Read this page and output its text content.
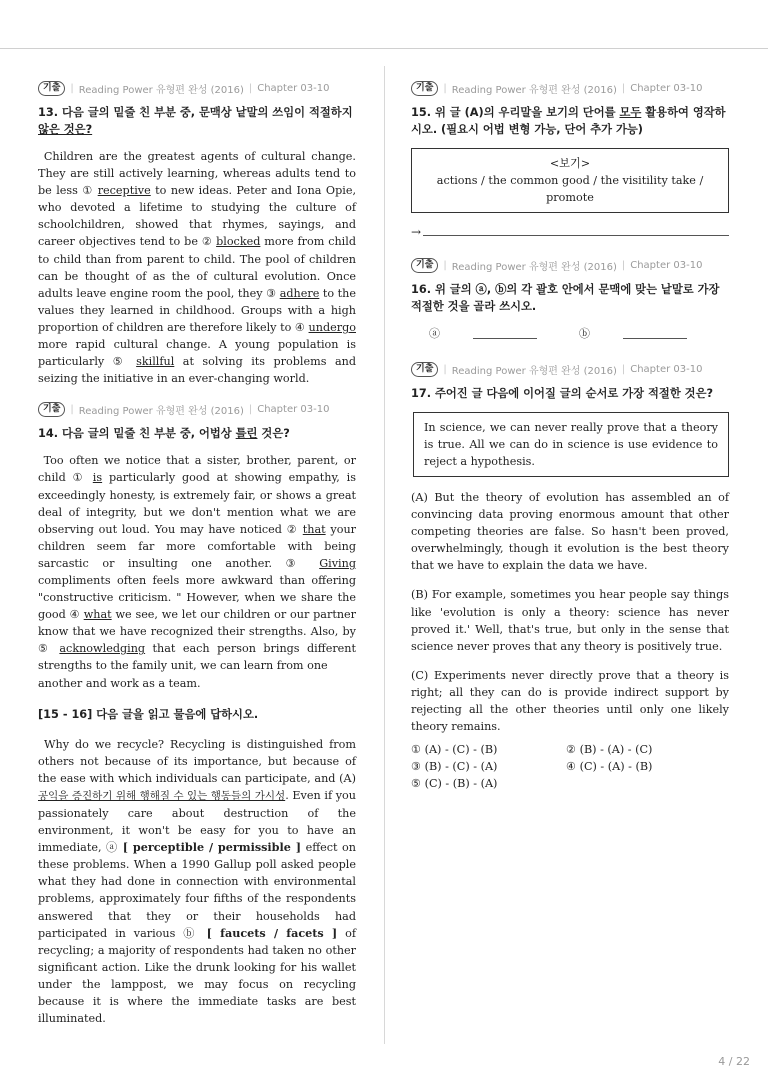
기출	| Reading Power 유형편 완성 (2016) | Chapter 03-10
13. 다음 글의 밑줄 친 부분 중, 문맥상 낱말의 쓰임이 적절하지
않은 것은?

Children are the greatest agents of cultural change. They are still actively learning, whereas adults tend to be less ① receptive to new ideas. Peter and Iona Opie, who devoted a lifetime to studying the culture of schoolchildren, showed that rhymes, sayings, and career objectives tend to be ② blocked more from child to child than from parent to child. The pool of children can be thought of as the of cultural evolution. Once adults leave engine room the pool, they ③ adhere to the values they learned in childhood. Groups with a high proportion of children are therefore likely to ④ undergo more rapid cultural change. A young population is particularly ⑤ skillful at solving its problems and seizing the initiative in an ever-changing world.

기출	| Reading Power 유형편 완성 (2016) | Chapter 03-10
14. 다음 글의 밑줄 친 부분 중, 어법상 틀린 것은?

Too often we notice that a sister, brother, parent, or child ① is particularly good at showing empathy, is exceedingly honesty, is extremely fair, or shows a great deal of integrity, but we don't mention what we are observing out loud. You may have noticed ② that your children seem far more comfortable with being sarcastic or insulting one another. ③ Giving compliments often feels more awkward than offering "constructive criticism. " However, when we share the good ④ what we see, we let our children or our partner know that we have recognized their strengths. Also, by ⑤ acknowledging that each person brings different strengths to the family unit, we can learn from one
another and work as a team.

[15 - 16] 다음 글을 읽고 물음에 답하시오.

Why do we recycle? Recycling is distinguished from others not because of its importance, but because of the ease with which individuals can participate, and (A) 공익을 증진하기 위해 행해질 수 있는 행동들의 가시성. Even if you passionately care about destruction of the environment, it won't be easy for you to have an immediate, ⓐ [ perceptible / permissible ] effect on these problems. When a 1990 Gallup poll asked people what they had done in connection with environmental problems, approximately four fifths of the respondents answered that they or their households had participated in various ⓑ [ faucets / facets ] of recycling; a majority of respondents had taken no other significant action. Like the drunk looking for his wallet under the lamppost, we may focus on recycling because it is where the immediate tasks are best illuminated.

기출	| Reading Power 유형편 완성 (2016) | Chapter 03-10
15. 위 글 (A)의 우리말을 보기의 단어를 모두 활용하여 영작하
시오. (필요시 어법 변형 가능, 단어 추가 가능)
<보기>
actions / the common good / the visitility take / promote
→
기출	| Reading Power 유형편 완성 (2016) | Chapter 03-10
16. 위 글의 ⓐ, ⓑ의 각 괄호 안에서 문맥에 맞는 낱말로 가장
적절한 것을 골라 쓰시오.
ⓐ	ⓑ
기출	| Reading Power 유형편 완성 (2016) | Chapter 03-10
17. 주어진 글 다음에 이어질 글의 순서로 가장 적절한 것은?
In science, we can never really prove that a theory is true. All we can do in science is use evidence to reject a hypothesis.

(A) But the theory of evolution has assembled an of convincing data proving enormous amount that other competing theories are false. So hasn't been proved, overwhelmingly, though it evolution is the best theory that we have to explain the data we have.

(B) For example, sometimes you hear people say things like 'evolution is only a theory: science has never proved it.' Well, that's true, but only in the sense that science never proves that any theory is positively true.

(C) Experiments never directly prove that a theory is right; all they can do is provide indirect support by rejecting all the other theories until only one likely theory remains.

① (A) - (C) - (B)	② (B) - (A) - (C)
③ (B) - (C) - (A)	④ (C) - (A) - (B)
⑤ (C) - (B) - (A)
4 / 22
